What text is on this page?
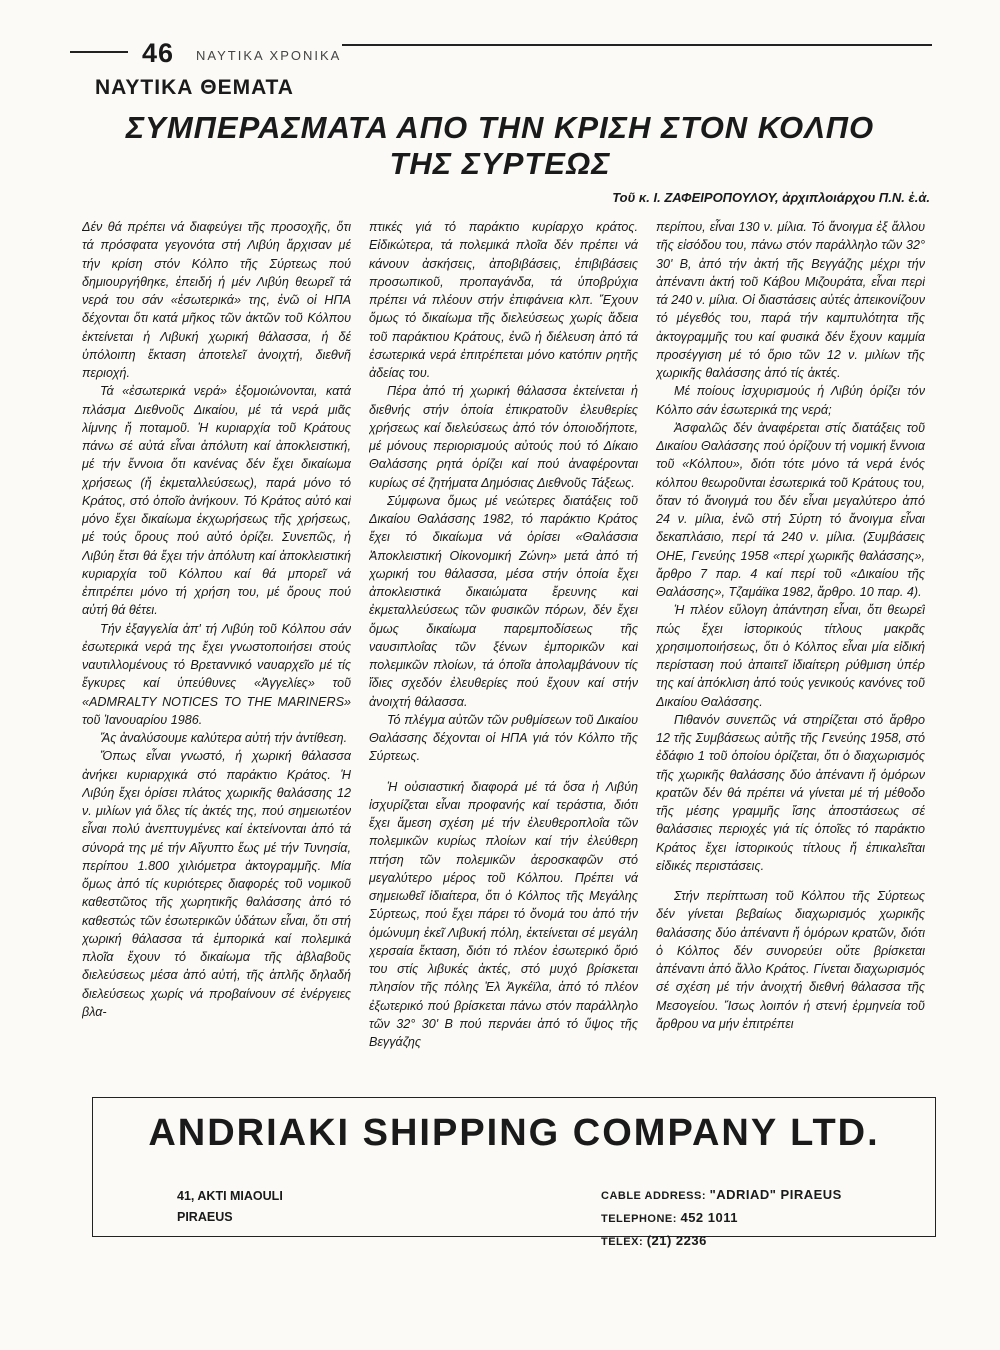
46 ΝΑΥΤΙΚΑ ΧΡΟΝΙΚΑ
ΝΑΥΤΙΚΑ ΘΕΜΑΤΑ
ΣΥΜΠΕΡΑΣΜΑΤΑ ΑΠΟ ΤΗΝ ΚΡΙΣΗ ΣΤΟΝ ΚΟΛΠΟ
ΤΗΣ ΣΥΡΤΕΩΣ
Τοῦ κ. Ι. ΖΑΦΕΙΡΟΠΟΥΛΟΥ, ἀρχιπλοιάρχου Π.Ν. ἐ.ἀ.

Δέν θά πρέπει νά διαφεύγει τῆς προσοχῆς, ὅτι τά πρόσφατα γεγονότα στή Λιβύη ἄρχισαν μέ τήν κρίση στόν Κόλπο τῆς Σύρτεως πού δημιουργήθηκε, ἐπειδή ἡ μέν Λιβύη θεωρεῖ τά νερά του σάν «ἐσωτερικά» της, ἐνῶ οἱ ΗΠΑ δέχονται ὅτι κατά μῆκος τῶν ἀκτῶν τοῦ Κόλπου ἐκτείνεται ἡ Λιβυκή χωρική θάλασσα, ἡ δέ ὑπόλοιπη ἔκταση ἀποτελεῖ ἀνοιχτή, διεθνῆ περιοχή.

Τά «ἐσωτερικά νερά» ἐξομοιώνονται, κατά πλάσμα Διεθνοῦς Δικαίου, μέ τά νερά μιᾶς λίμνης ἤ ποταμοῦ. Ἡ κυριαρχία τοῦ Κράτους πάνω σέ αὐτά εἶναι ἀπόλυτη καί ἀποκλειστική, μέ τήν ἔννοια ὅτι κανένας δέν ἔχει δικαίωμα χρήσεως (ἤ ἐκμεταλλεύσεως), παρά μόνο τό Κράτος, στό ὁποῖο ἀνήκουν. Τό Κράτος αὐτό καί μόνο ἔχει δικαίωμα ἐκχωρήσεως τῆς χρήσεως, μέ τούς ὅρους πού αὐτό ὁρίζει. Συνεπῶς, ἡ Λιβύη ἔτσι θά ἔχει τήν ἀπόλυτη καί ἀποκλειστική κυριαρχία τοῦ Κόλπου καί θά μπορεῖ νά ἐπιτρέπει μόνο τή χρήση του, μέ ὅρους πού αὐτή θά θέτει.

Τήν ἐξαγγελία ἀπ' τή Λιβύη τοῦ Κόλπου σάν ἐσωτερικά νερά της ἔχει γνωστοποιήσει στούς ναυτιλλομένους τό Βρεταννικό ναυαρχεῖο μέ τίς ἔγκυρες καί ὑπεύθυνες «Ἀγγελίες» τοῦ «ADMRALTY NOTICES TO THE MARINERS» τοῦ Ἰανουαρίου 1986.

Ἄς ἀναλύσουμε καλύτερα αὐτή τήν ἀντίθεση.

Ὅπως εἶναι γνωστό, ἡ χωρική θάλασσα ἀνήκει κυριαρχικά στό παράκτιο Κράτος. Ἡ Λιβύη ἔχει ὁρίσει πλάτος χωρικῆς θαλάσσης 12 ν. μιλίων γιά ὅλες τίς ἀκτές της, πού σημειωτέον εἶναι πολύ ἀνεπτυγμένες καί ἐκτείνονται ἀπό τά σύνορά της μέ τήν Αἴγυπτο ἕως μέ τήν Τυνησία, περίπου 1.800 χιλιόμετρα ἀκτογραμμῆς. Μία ὅμως ἀπό τίς κυριότερες διαφορές τοῦ νομικοῦ καθεστῶτος τῆς χωρητικῆς θαλάσσης ἀπό τό καθεστώς τῶν ἐσωτερικῶν ὑδάτων εἶναι, ὅτι στή χωρική θάλασσα τά ἐμπορικά καί πολεμικά πλοῖα ἔχουν τό δικαίωμα τῆς ἀβλαβοῦς διελεύσεως μέσα ἀπό αὐτή, τῆς ἁπλῆς δηλαδή διελεύσεως χωρίς νά προβαίνουν σέ ἐνέργειες βλα-

πτικές γιά τό παράκτιο κυρίαρχο κράτος. Εἰδικώτερα, τά πολεμικά πλοῖα δέν πρέπει νά κάνουν ἀσκήσεις, ἀποβιβάσεις, ἐπιβιβάσεις προσωπικοῦ, προπαγάνδα, τά ὑποβρύχια πρέπει νά πλέουν στήν ἐπιφάνεια κλπ. Ἔχουν ὅμως τό δικαίωμα τῆς διελεύσεως χωρίς ἄδεια τοῦ παράκτιου Κράτους, ἐνῶ ἡ διέλευση ἀπό τά ἐσωτερικά νερά ἐπιτρέπεται μόνο κατόπιν ρητῆς ἀδείας του.

Πέρα ἀπό τή χωρική θάλασσα ἐκτείνεται ἡ διεθνής στήν ὁποία ἐπικρατοῦν ἐλευθερίες χρήσεως καί διελεύσεως ἀπό τόν ὁποιοδήποτε, μέ μόνους περιορισμούς αὐτούς πού τό Δίκαιο Θαλάσσης ρητά ὁρίζει καί πού ἀναφέρονται κυρίως σέ ζητήματα Δημόσιας Διεθνοῦς Τάξεως.

Σύμφωνα ὅμως μέ νεώτερες διατάξεις τοῦ Δικαίου Θαλάσσης 1982, τό παράκτιο Κράτος ἔχει τό δικαίωμα νά ὁρίσει «Θαλάσσια Ἀποκλειστική Οἰκονομική Ζώνη» μετά ἀπό τή χωρική του θάλασσα, μέσα στήν ὁποία ἔχει ἀποκλειστικά δικαιώματα ἔρευνης καί ἐκμεταλλεύσεως τῶν φυσικῶν πόρων, δέν ἔχει ὅμως δικαίωμα παρεμποδίσεως τῆς ναυσιπλοΐας τῶν ξένων ἐμπορικῶν καί πολεμικῶν πλοίων, τά ὁποῖα ἀπολαμβάνουν τίς ἴδιες σχεδόν ἐλευθερίες πού ἔχουν καί στήν ἀνοιχτή θάλασσα.

Τό πλέγμα αὐτῶν τῶν ρυθμίσεων τοῦ Δικαίου Θαλάσσης δέχονται οἱ ΗΠΑ γιά τόν Κόλπο τῆς Σύρτεως.

Ἡ οὐσιαστική διαφορά μέ τά ὅσα ἡ Λιβύη ἰσχυρίζεται εἶναι προφανής καί τεράστια, διότι ἔχει ἄμεση σχέση μέ τήν ἐλευθεροπλοΐα τῶν πολεμικῶν κυρίως πλοίων καί τήν ἐλεύθερη πτήση τῶν πολεμικῶν ἀεροσκαφῶν στό μεγαλύτερο μέρος τοῦ Κόλπου. Πρέπει νά σημειωθεῖ ἰδιαίτερα, ὅτι ὁ Κόλπος τῆς Μεγάλης Σύρτεως, πού ἔχει πάρει τό ὄνομά του ἀπό τήν ὁμώνυμη ἐκεῖ Λιβυκή πόλη, ἐκτείνεται σέ μεγάλη χερσαία ἔκταση, διότι τό πλέον ἐσωτερικό ὅριό του στίς λιβυκές ἀκτές, στό μυχό βρίσκεται πλησίον τῆς πόλης Ἐλ Ἀγκέϊλα, ἀπό τό πλέον ἐξωτερικό πού βρίσκεται πάνω στόν παράλληλο τῶν 32° 30' Β πού περνάει ἀπό τό ὕψος τῆς Βεγγάζης

περίπου, εἶναι 130 ν. μίλια. Τό ἄνοιγμα ἐξ ἄλλου τῆς εἰσόδου του, πάνω στόν παράλληλο τῶν 32° 30' Β, ἀπό τήν ἀκτή τῆς Βεγγάζης μέχρι τήν ἀπέναντι ἀκτή τοῦ Κάβου Μιζουράτα, εἶναι περί τά 240 ν. μίλια. Οἱ διαστάσεις αὐτές ἀπεικονίζουν τό μέγεθός του, παρά τήν καμπυλότητα τῆς ἀκτογραμμῆς του καί φυσικά δέν ἔχουν καμμία προσέγγιση μέ τό ὅριο τῶν 12 ν. μιλίων τῆς χωρικῆς θαλάσσης ἀπό τίς ἀκτές.

Μέ ποίους ἰσχυρισμούς ἡ Λιβύη ὁρίζει τόν Κόλπο σάν ἐσωτερικά της νερά;

Ἀσφαλῶς δέν ἀναφέρεται στίς διατάξεις τοῦ Δικαίου Θαλάσσης πού ὁρίζουν τή νομική ἔννοια τοῦ «Κόλπου», διότι τότε μόνο τά νερά ἑνός κόλπου θεωροῦνται ἐσωτερικά τοῦ Κράτους του, ὅταν τό ἄνοιγμά του δέν εἶναι μεγαλύτερο ἀπό 24 ν. μίλια, ἐνῶ στή Σύρτη τό ἄνοιγμα εἶναι δεκαπλάσιο, περί τά 240 ν. μίλια. (Συμβάσεις ΟΗΕ, Γενεύης 1958 «περί χωρικῆς θαλάσσης», ἄρθρο 7 παρ. 4 καί περί τοῦ «Δικαίου τῆς Θαλάσσης», Τζαμάϊκα 1982, ἄρθρο. 10 παρ. 4).

Ἡ πλέον εὔλογη ἀπάντηση εἶναι, ὅτι θεωρεῖ πώς ἔχει ἱστορικούς τίτλους μακρᾶς χρησιμοποιήσεως, ὅτι ὁ Κόλπος εἶναι μία εἰδική περίσταση πού ἀπαιτεῖ ἰδιαίτερη ρύθμιση ὑπέρ της καί ἀπόκλιση ἀπό τούς γενικούς κανόνες τοῦ Δικαίου Θαλάσσης.

Πιθανόν συνεπῶς νά στηρίζεται στό ἄρθρο 12 τῆς Συμβάσεως αὐτῆς τῆς Γενεύης 1958, στό ἐδάφιο 1 τοῦ ὁποίου ὁρίζεται, ὅτι ὁ διαχωρισμός τῆς χωρικῆς θαλάσσης δύο ἀπέναντι ἤ ὁμόρων κρατῶν δέν θά πρέπει νά γίνεται μέ τή μέθοδο τῆς μέσης γραμμῆς ἴσης ἀποστάσεως σέ θαλάσσιες περιοχές γιά τίς ὁποῖες τό παράκτιο Κράτος ἔχει ἱστορικούς τίτλους ἤ ἐπικαλεῖται εἰδικές περιστάσεις.

Στήν περίπτωση τοῦ Κόλπου τῆς Σύρτεως δέν γίνεται βεβαίως διαχωρισμός χωρικῆς θαλάσσης δύο ἀπέναντι ἤ ὁμόρων κρατῶν, διότι ὁ Κόλπος δέν συνορεύει οὔτε βρίσκεται ἀπέναντι ἀπό ἄλλο Κράτος. Γίνεται διαχωρισμός σέ σχέση μέ τήν ἀνοιχτή διεθνή θάλασσα τῆς Μεσογείου. Ἴσως λοιπόν ἡ στενή ἑρμηνεία τοῦ ἄρθρου να μήν ἐπιτρέπει

ANDRIAKI SHIPPING COMPANY LTD.
41, AKTI MIAOULI
PIRAEUS
CABLE ADDRESS: "ADRIAD" PIRAEUS
TELEPHONE: 452 1011
TELEX: (21) 2236
